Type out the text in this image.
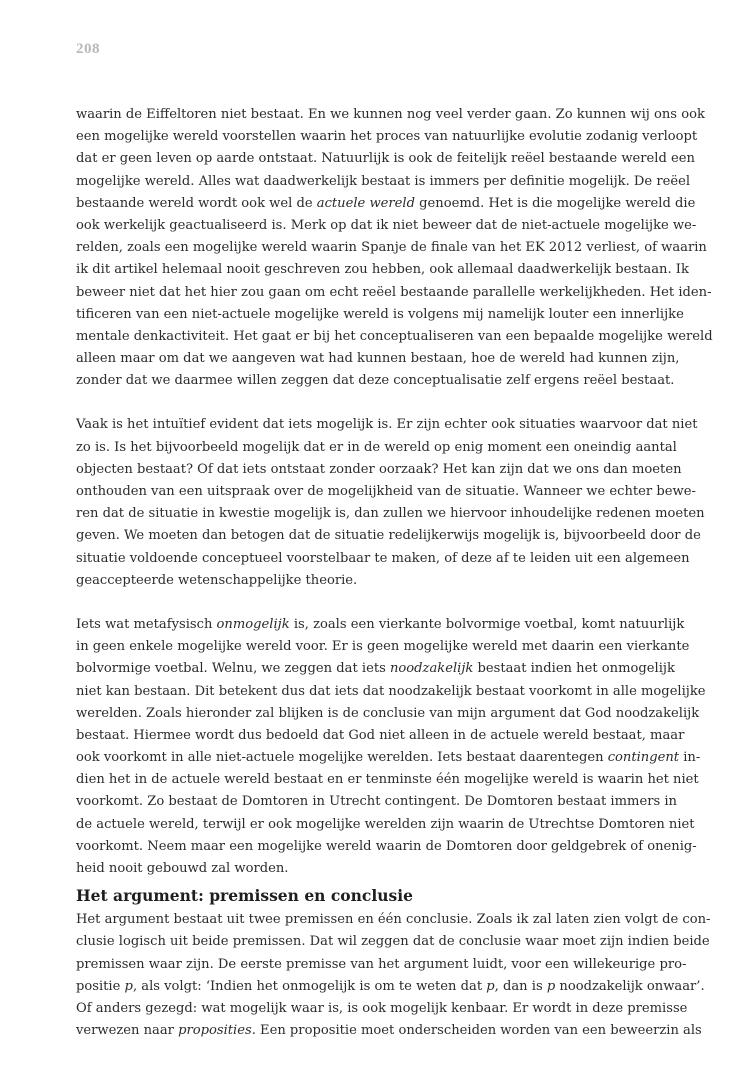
208
waarin de Eiffeltoren niet bestaat. En we kunnen nog veel verder gaan. Zo kunnen wij ons ook
een mogelijke wereld voorstellen waarin het proces van natuurlijke evolutie zodanig verloopt
dat er geen leven op aarde ontstaat. Natuurlijk is ook de feitelijk reëel bestaande wereld een
mogelijke wereld. Alles wat daadwerkelijk bestaat is immers per definitie mogelijk. De reëel
bestaande wereld wordt ook wel de actuele wereld genoemd. Het is die mogelijke wereld die
ook werkelijk geactualiseerd is. Merk op dat ik niet beweer dat de niet-actuele mogelijke we-
relden, zoals een mogelijke wereld waarin Spanje de finale van het EK 2012 verliest, of waarin
ik dit artikel helemaal nooit geschreven zou hebben, ook allemaal daadwerkelijk bestaan. Ik
beweer niet dat het hier zou gaan om echt reëel bestaande parallelle werkelijkheden. Het iden-
tificeren van een niet-actuele mogelijke wereld is volgens mij namelijk louter een innerlijke
mentale denkactiviteit. Het gaat er bij het conceptualiseren van een bepaalde mogelijke wereld
alleen maar om dat we aangeven wat had kunnen bestaan, hoe de wereld had kunnen zijn,
zonder dat we daarmee willen zeggen dat deze conceptualisatie zelf ergens reëel bestaat.
Vaak is het intuïtief evident dat iets mogelijk is. Er zijn echter ook situaties waarvoor dat niet
zo is. Is het bijvoorbeeld mogelijk dat er in de wereld op enig moment een oneindig aantal
objecten bestaat? Of dat iets ontstaat zonder oorzaak? Het kan zijn dat we ons dan moeten
onthouden van een uitspraak over de mogelijkheid van de situatie. Wanneer we echter bewe-
ren dat de situatie in kwestie mogelijk is, dan zullen we hiervoor inhoudelijke redenen moeten
geven. We moeten dan betogen dat de situatie redelijkerwijs mogelijk is, bijvoorbeeld door de
situatie voldoende conceptueel voorstelbaar te maken, of deze af te leiden uit een algemeen
geaccepteerde wetenschappelijke theorie.
Iets wat metafysisch onmogelijk is, zoals een vierkante bolvormige voetbal, komt natuurlijk
in geen enkele mogelijke wereld voor. Er is geen mogelijke wereld met daarin een vierkante
bolvormige voetbal. Welnu, we zeggen dat iets noodzakelijk bestaat indien het onmogelijk
niet kan bestaan. Dit betekent dus dat iets dat noodzakelijk bestaat voorkomt in alle mogelijke
werelden. Zoals hieronder zal blijken is de conclusie van mijn argument dat God noodzakelijk
bestaat. Hiermee wordt dus bedoeld dat God niet alleen in de actuele wereld bestaat, maar
ook voorkomt in alle niet-actuele mogelijke werelden. Iets bestaat daarentegen contingent in-
dien het in de actuele wereld bestaat en er tenminste één mogelijke wereld is waarin het niet
voorkomt. Zo bestaat de Domtoren in Utrecht contingent. De Domtoren bestaat immers in
de actuele wereld, terwijl er ook mogelijke werelden zijn waarin de Utrechtse Domtoren niet
voorkomt. Neem maar een mogelijke wereld waarin de Domtoren door geldgebrek of onenig-
heid nooit gebouwd zal worden.
Het argument: premissen en conclusie
Het argument bestaat uit twee premissen en één conclusie. Zoals ik zal laten zien volgt de con-
clusie logisch uit beide premissen. Dat wil zeggen dat de conclusie waar moet zijn indien beide
premissen waar zijn. De eerste premisse van het argument luidt, voor een willekeurige pro-
positie p, als volgt: ‘Indien het onmogelijk is om te weten dat p, dan is p noodzakelijk onwaar’.
Of anders gezegd: wat mogelijk waar is, is ook mogelijk kenbaar. Er wordt in deze premisse
verwezen naar proposities. Een propositie moet onderscheiden worden van een beweerzin als
